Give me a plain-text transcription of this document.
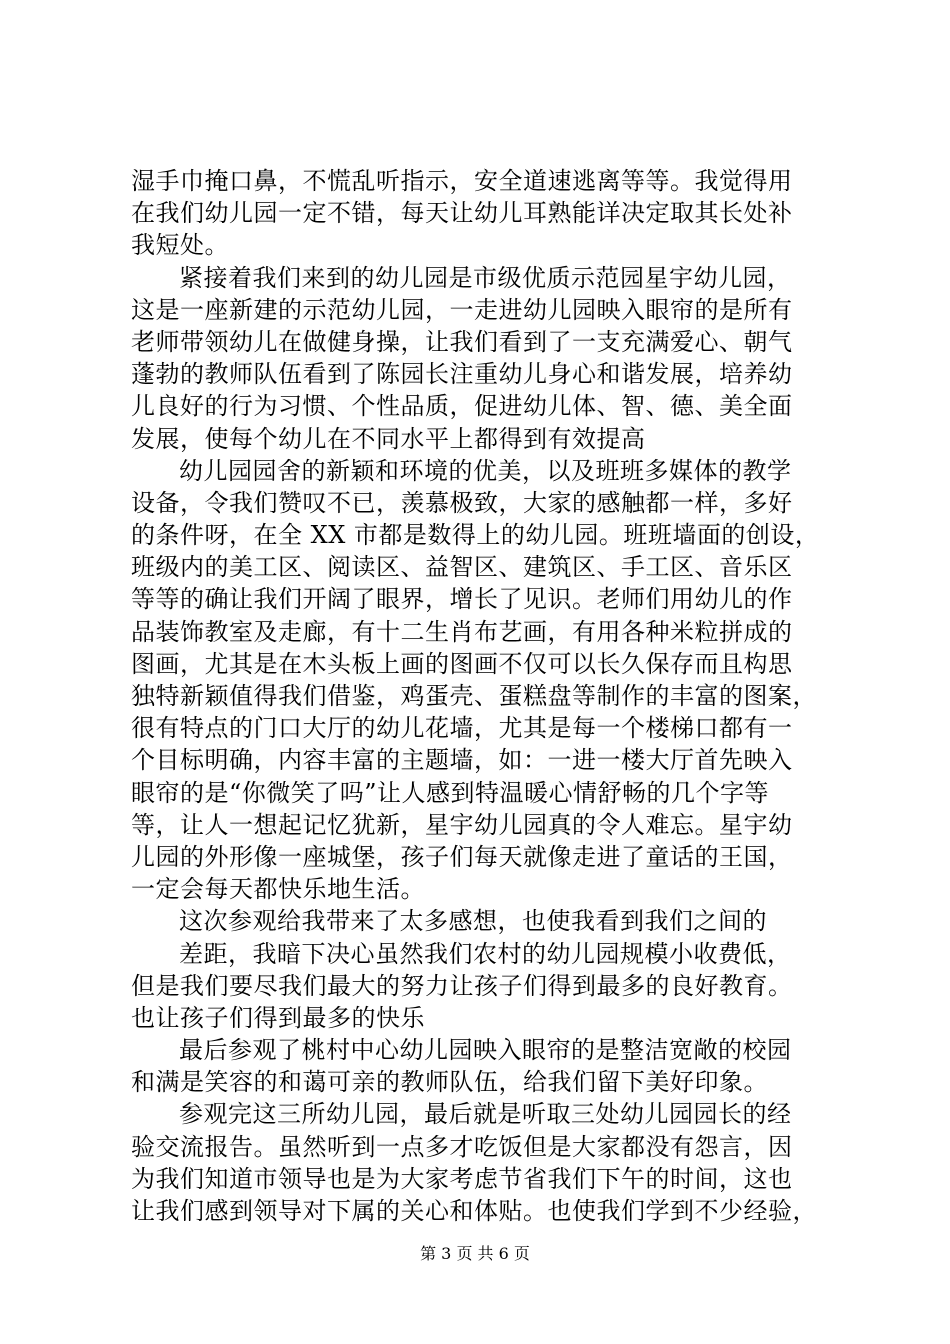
湿手巾掩口鼻，不慌乱听指示，安全道速逃离等等。我觉得用
在我们幼儿园一定不错，每天让幼儿耳熟能详决定取其长处补
我短处。
紧接着我们来到的幼儿园是市级优质示范园星宇幼儿园，
这是一座新建的示范幼儿园，一走进幼儿园映入眼帘的是所有
老师带领幼儿在做健身操，让我们看到了一支充满爱心、朝气
蓬勃的教师队伍看到了陈园长注重幼儿身心和谐发展，培养幼
儿良好的行为习惯、个性品质，促进幼儿体、智、德、美全面
发展，使每个幼儿在不同水平上都得到有效提高
幼儿园园舍的新颖和环境的优美，以及班班多媒体的教学
设备，令我们赞叹不已，羡慕极致，大家的感触都一样，多好
的条件呀，在全 XX 市都是数得上的幼儿园。班班墙面的创设，
班级内的美工区、阅读区、益智区、建筑区、手工区、音乐区
等等的确让我们开阔了眼界，增长了见识。老师们用幼儿的作
品装饰教室及走廊，有十二生肖布艺画，有用各种米粒拼成的
图画，尤其是在木头板上画的图画不仅可以长久保存而且构思
独特新颖值得我们借鉴，鸡蛋壳、蛋糕盘等制作的丰富的图案，
很有特点的门口大厅的幼儿花墙，尤其是每一个楼梯口都有一
个目标明确，内容丰富的主题墙，如：一进一楼大厅首先映入
眼帘的是“你微笑了吗”让人感到特温暖心情舒畅的几个字等
等，让人一想起记忆犹新，星宇幼儿园真的令人难忘。星宇幼
儿园的外形像一座城堡，孩子们每天就像走进了童话的王国，
一定会每天都快乐地生活。
这次参观给我带来了太多感想，也使我看到我们之间的
差距，我暗下决心虽然我们农村的幼儿园规模小收费低，
但是我们要尽我们最大的努力让孩子们得到最多的良好教育。
也让孩子们得到最多的快乐
最后参观了桃村中心幼儿园映入眼帘的是整洁宽敞的校园
和满是笑容的和蔼可亲的教师队伍，给我们留下美好印象。
参观完这三所幼儿园，最后就是听取三处幼儿园园长的经
验交流报告。虽然听到一点多才吃饭但是大家都没有怨言，因
为我们知道市领导也是为大家考虑节省我们下午的时间，这也
让我们感到领导对下属的关心和体贴。也使我们学到不少经验，
第 3 页 共 6 页
